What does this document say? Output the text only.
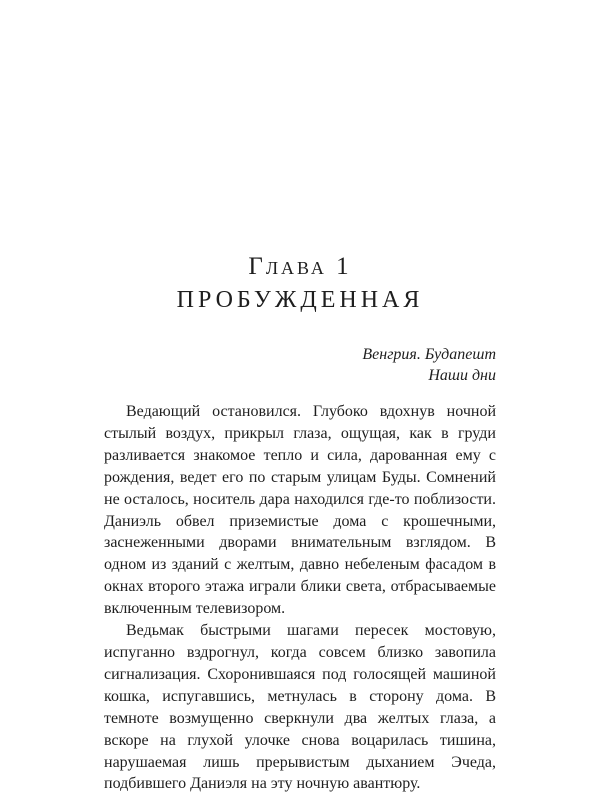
Глава 1
ПРОБУЖДЕННАЯ
Венгрия. Будапешт
Наши дни

Ведающий остановился. Глубоко вдохнув ночной стылый воздух, прикрыл глаза, ощущая, как в груди разливается знакомое тепло и сила, дарованная ему с рождения, ведет его по старым улицам Буды. Сомнений не осталось, носитель дара находился где-то поблизости. Даниэль обвел приземистые дома с крошечными, заснеженными дворами внимательным взглядом. В одном из зданий с желтым, давно небеленым фасадом в окнах второго этажа играли блики света, отбрасываемые включенным телевизором.

Ведьмак быстрыми шагами пересек мостовую, испуганно вздрогнул, когда совсем близко завопила сигнализация. Схоронившаяся под голосящей машиной кошка, испугавшись, метнулась в сторону дома. В темноте возмущенно сверкнули два желтых глаза, а вскоре на глухой улочке снова воцарилась тишина, нарушаемая лишь прерывистым дыханием Эчеда, подбившего Даниэля на эту ночную авантюру.
